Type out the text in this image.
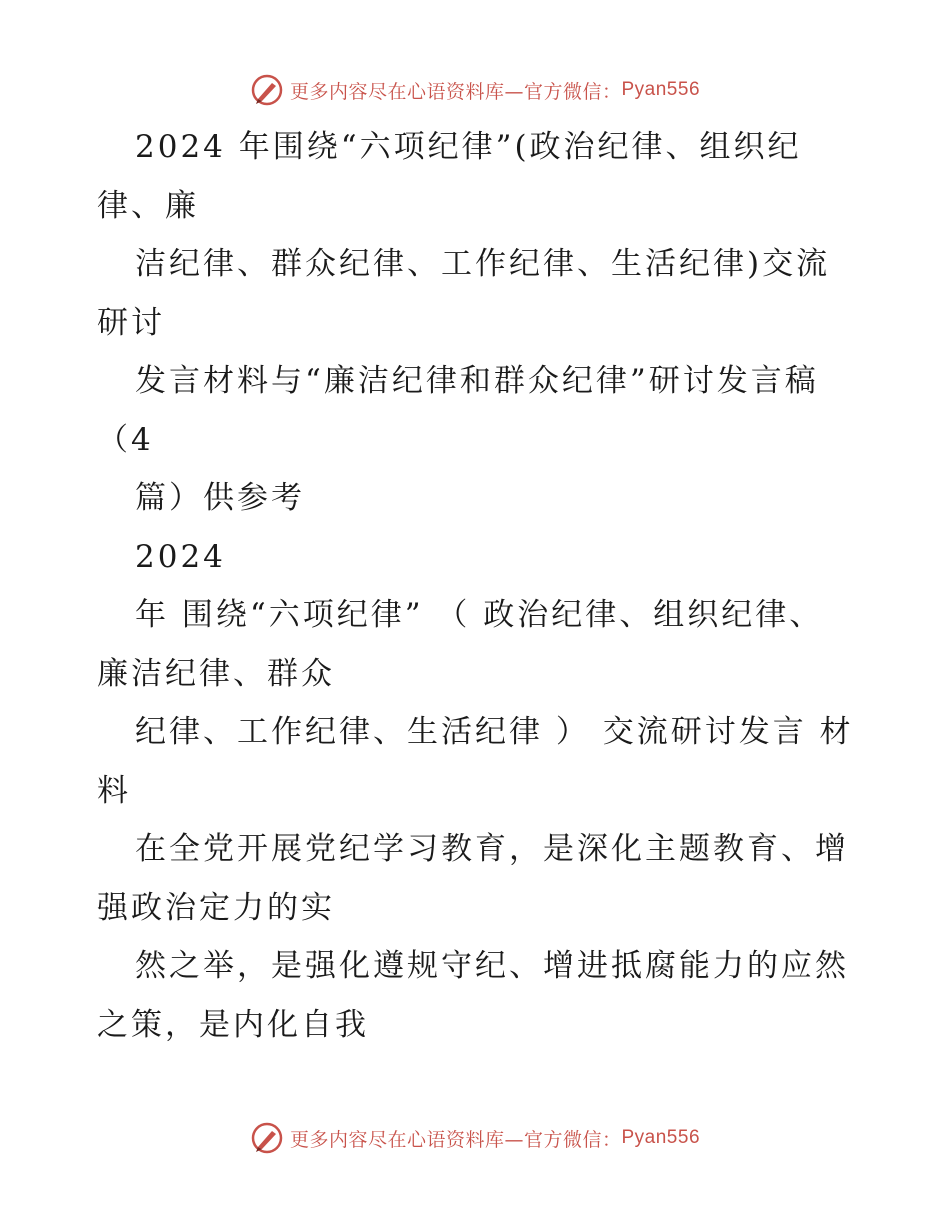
更多内容尽在心语资料库—官方微信： Pyan556
2024 年围绕“六项纪律”(政治纪律、组织纪
律、廉
洁纪律、群众纪律、工作纪律、生活纪律)交流
研讨
发言材料与“廉洁纪律和群众纪律”研讨发言稿
（4
篇）供参考
2024
年 围绕“六项纪律” （ 政治纪律、组织纪律、
廉洁纪律、群众
纪律、工作纪律、生活纪律 ） 交流研讨发言 材
料
在全党开展党纪学习教育，是深化主题教育、增
强政治定力的实
然之举，是强化遵规守纪、增进抵腐能力的应然
之策，是内化自我
更多内容尽在心语资料库—官方微信： Pyan556
